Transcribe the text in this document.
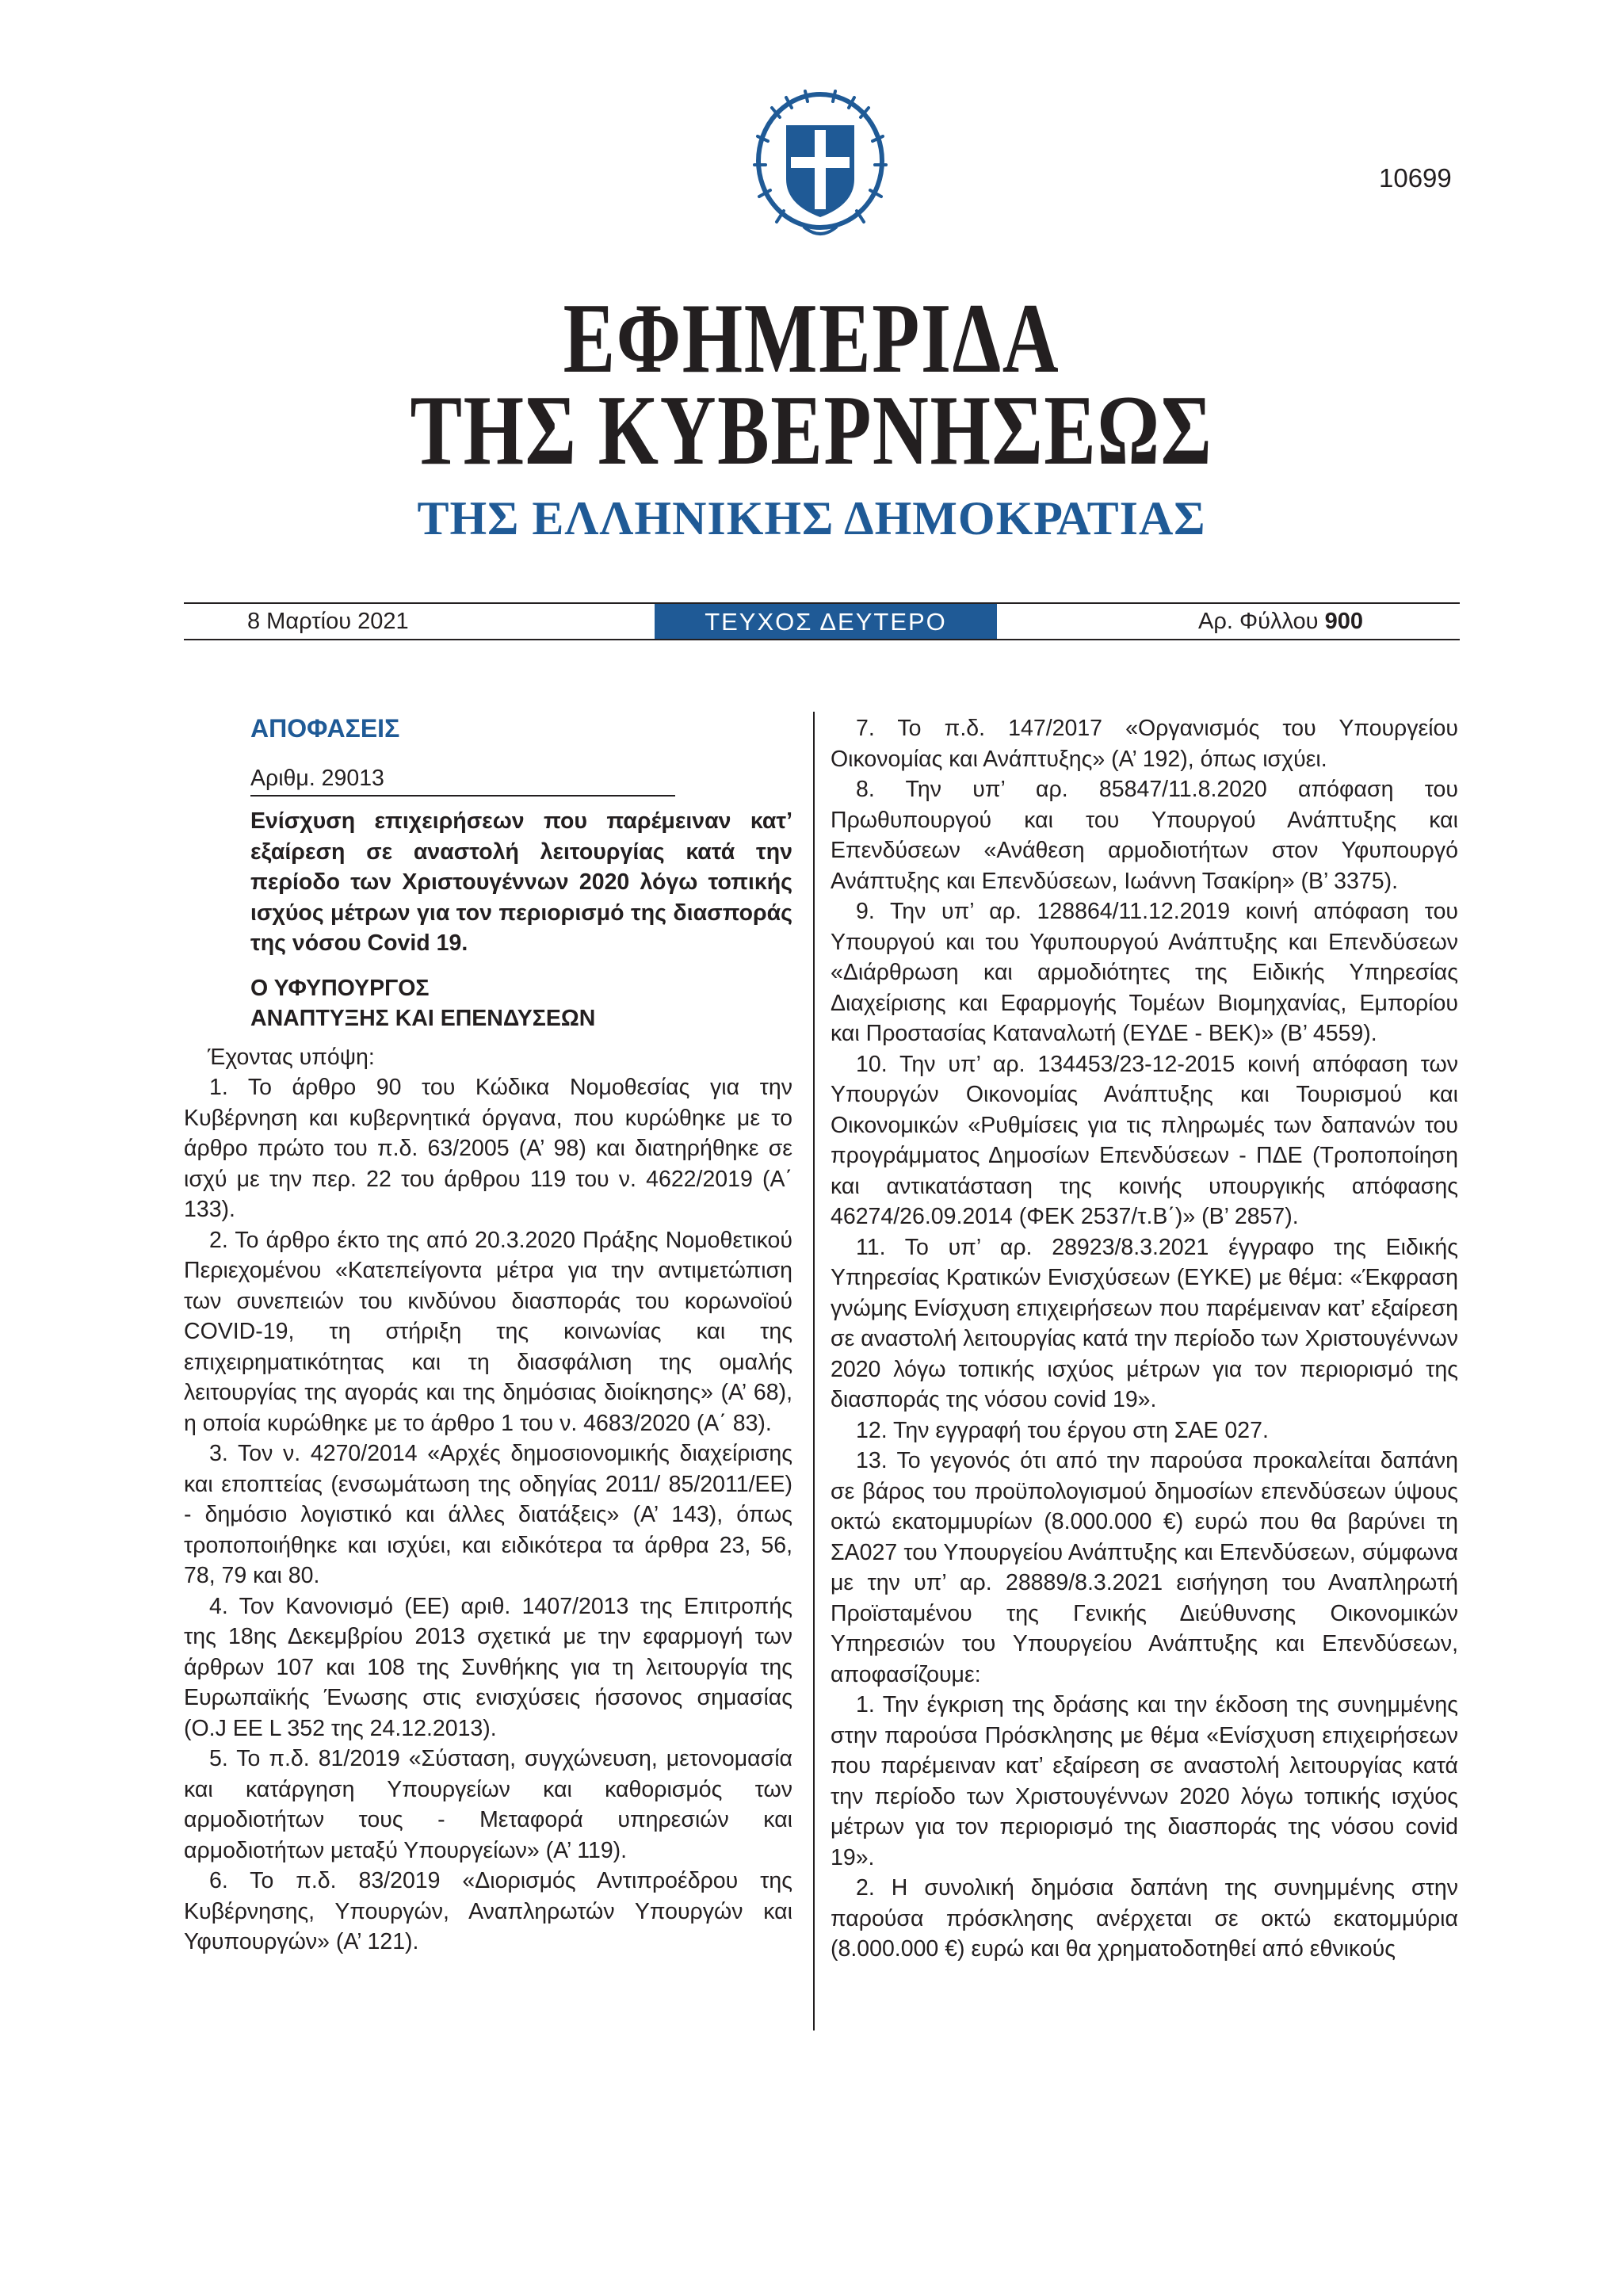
10699
ΕΦΗΜΕΡΙΔΑ
ΤΗΣ ΚΥΒΕΡΝΗΣΕΩΣ
ΤΗΣ ΕΛΛΗΝΙΚΗΣ ΔΗΜΟΚΡΑΤΙΑΣ
8 Μαρτίου 2021	ΤΕΥΧΟΣ ΔΕΥΤΕΡΟ	Αρ. Φύλλου 900
ΑΠΟΦΑΣΕΙΣ
Αριθμ. 29013
Ενίσχυση επιχειρήσεων που παρέμειναν κατ’ εξαίρεση σε αναστολή λειτουργίας κατά την περίοδο των Χριστουγέννων 2020 λόγω τοπικής ισχύος μέτρων για τον περιορισμό της διασποράς της νόσου Covid 19.
Ο ΥΦΥΠΟΥΡΓΟΣ
ΑΝΑΠΤΥΞΗΣ ΚΑΙ ΕΠΕΝΔΥΣΕΩΝ

Έχοντας υπόψη:

1. Το άρθρο 90 του Κώδικα Νομοθεσίας για την Κυβέρνηση και κυβερνητικά όργανα, που κυρώθηκε με το άρθρο πρώτο του π.δ. 63/2005 (Α’ 98) και διατηρήθηκε σε ισχύ με την περ. 22 του άρθρου 119 του ν. 4622/2019 (Α΄ 133).

2. Το άρθρο έκτο της από 20.3.2020 Πράξης Νομοθετικού Περιεχομένου «Κατεπείγοντα μέτρα για την αντιμετώπιση των συνεπειών του κινδύνου διασποράς του κορωνοϊού COVID-19, τη στήριξη της κοινωνίας και της επιχειρηματικότητας και τη διασφάλιση της ομαλής λειτουργίας της αγοράς και της δημόσιας διοίκησης» (Α’ 68), η οποία κυρώθηκε με το άρθρο 1 του ν. 4683/2020 (Α΄ 83).

3. Τον ν. 4270/2014 «Αρχές δημοσιονομικής διαχείρισης και εποπτείας (ενσωμάτωση της οδηγίας 2011/ 85/2011/ΕΕ) - δημόσιο λογιστικό και άλλες διατάξεις» (Α’ 143), όπως τροποποιήθηκε και ισχύει, και ειδικότερα τα άρθρα 23, 56, 78, 79 και 80.

4. Τον Κανονισμό (ΕΕ) αριθ. 1407/2013 της Επιτροπής της 18ης Δεκεμβρίου 2013 σχετικά με την εφαρμογή των άρθρων 107 και 108 της Συνθήκης για τη λειτουργία της Ευρωπαϊκής Ένωσης στις ενισχύσεις ήσσονος σημασίας (Ο.J ΕΕ L 352 της 24.12.2013).

5. Το π.δ. 81/2019 «Σύσταση, συγχώνευση, μετονομασία και κατάργηση Υπουργείων και καθορισμός των αρμοδιοτήτων τους - Μεταφορά υπηρεσιών και αρμοδιοτήτων μεταξύ Υπουργείων» (Α’ 119).

6. Το π.δ. 83/2019 «Διορισμός Αντιπροέδρου της Κυβέρνησης, Υπουργών, Αναπληρωτών Υπουργών και Υφυπουργών» (Α’ 121).

7. Το π.δ. 147/2017 «Οργανισμός του Υπουργείου Οικονομίας και Ανάπτυξης» (Α’ 192), όπως ισχύει.

8. Την υπ’ αρ. 85847/11.8.2020 απόφαση του Πρωθυπουργού και του Υπουργού Ανάπτυξης και Επενδύσεων «Ανάθεση αρμοδιοτήτων στον Υφυπουργό Ανάπτυξης και Επενδύσεων, Ιωάννη Τσακίρη» (Β’ 3375).

9. Την υπ’ αρ. 128864/11.12.2019 κοινή απόφαση του Υπουργού και του Υφυπουργού Ανάπτυξης και Επενδύσεων «Διάρθρωση και αρμοδιότητες της Ειδικής Υπηρεσίας Διαχείρισης και Εφαρμογής Τομέων Βιομηχανίας, Εμπορίου και Προστασίας Καταναλωτή (ΕΥΔΕ - ΒΕΚ)» (Β’ 4559).

10. Την υπ’ αρ. 134453/23-12-2015 κοινή απόφαση των Υπουργών Οικονομίας Ανάπτυξης και Τουρισμού και Οικονομικών «Ρυθμίσεις για τις πληρωμές των δαπανών του προγράμματος Δημοσίων Επενδύσεων - ΠΔΕ (Τροποποίηση και αντικατάσταση της κοινής υπουργικής απόφασης 46274/26.09.2014 (ΦΕΚ 2537/τ.Β΄)» (Β’ 2857).

11. Το υπ’ αρ. 28923/8.3.2021 έγγραφο της Ειδικής Υπηρεσίας Κρατικών Ενισχύσεων (ΕΥΚΕ) με θέμα: «Έκφραση γνώμης Ενίσχυση επιχειρήσεων που παρέμειναν κατ’ εξαίρεση σε αναστολή λειτουργίας κατά την περίοδο των Χριστουγέννων 2020 λόγω τοπικής ισχύος μέτρων για τον περιορισμό της διασποράς της νόσου covid 19».

12. Την εγγραφή του έργου στη ΣΑΕ 027.

13. Το γεγονός ότι από την παρούσα προκαλείται δαπάνη σε βάρος του προϋπολογισμού δημοσίων επενδύσεων ύψους οκτώ εκατομμυρίων (8.000.000 €) ευρώ που θα βαρύνει τη ΣΑ027 του Υπουργείου Ανάπτυξης και Επενδύσεων, σύμφωνα με την υπ’ αρ. 28889/8.3.2021 εισήγηση του Αναπληρωτή Προϊσταμένου της Γενικής Διεύθυνσης Οικονομικών Υπηρεσιών του Υπουργείου Ανάπτυξης και Επενδύσεων, αποφασίζουμε:

1. Την έγκριση της δράσης και την έκδοση της συνημμένης στην παρούσα Πρόσκλησης με θέμα «Ενίσχυση επιχειρήσεων που παρέμειναν κατ’ εξαίρεση σε αναστολή λειτουργίας κατά την περίοδο των Χριστουγέννων 2020 λόγω τοπικής ισχύος μέτρων για τον περιορισμό της διασποράς της νόσου covid 19».

2. Η συνολική δημόσια δαπάνη της συνημμένης στην παρούσα πρόσκλησης ανέρχεται σε οκτώ εκατομμύρια (8.000.000 €) ευρώ και θα χρηματοδοτηθεί από εθνικούς
